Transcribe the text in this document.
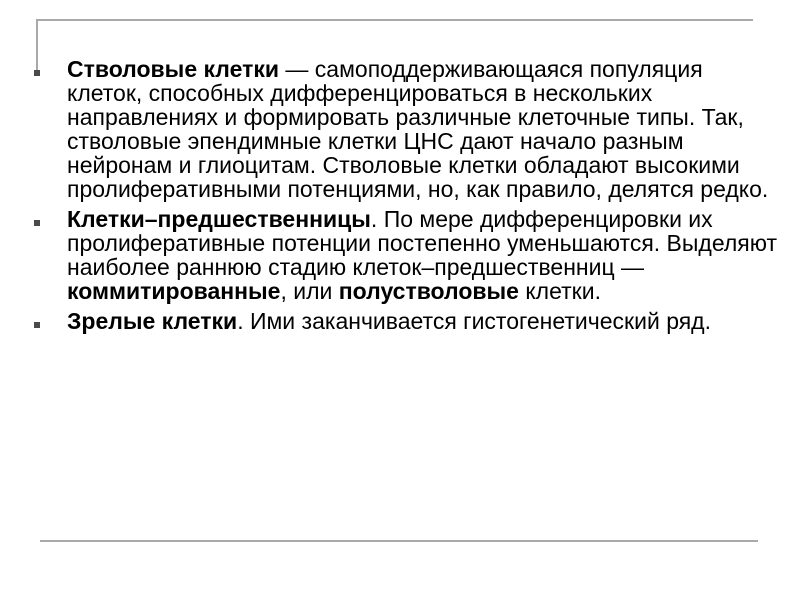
Стволовые клетки — самоподдерживающаяся популяция клеток, способных дифференцироваться в нескольких направлениях и формировать различные клеточные типы. Так, стволовые эпендимные клетки ЦНС дают начало разным нейронам и глиоцитам. Стволовые клетки обладают высокими пролиферативными потенциями, но, как правило, делятся редко.
Клетки–предшественницы. По мере дифференцировки их пролиферативные потенции постепенно уменьшаются. Выделяют наиболее раннюю стадию клеток–предшественниц — коммитированные, или полустволовые клетки.
Зрелые клетки. Ими заканчивается гистогенетический ряд.
